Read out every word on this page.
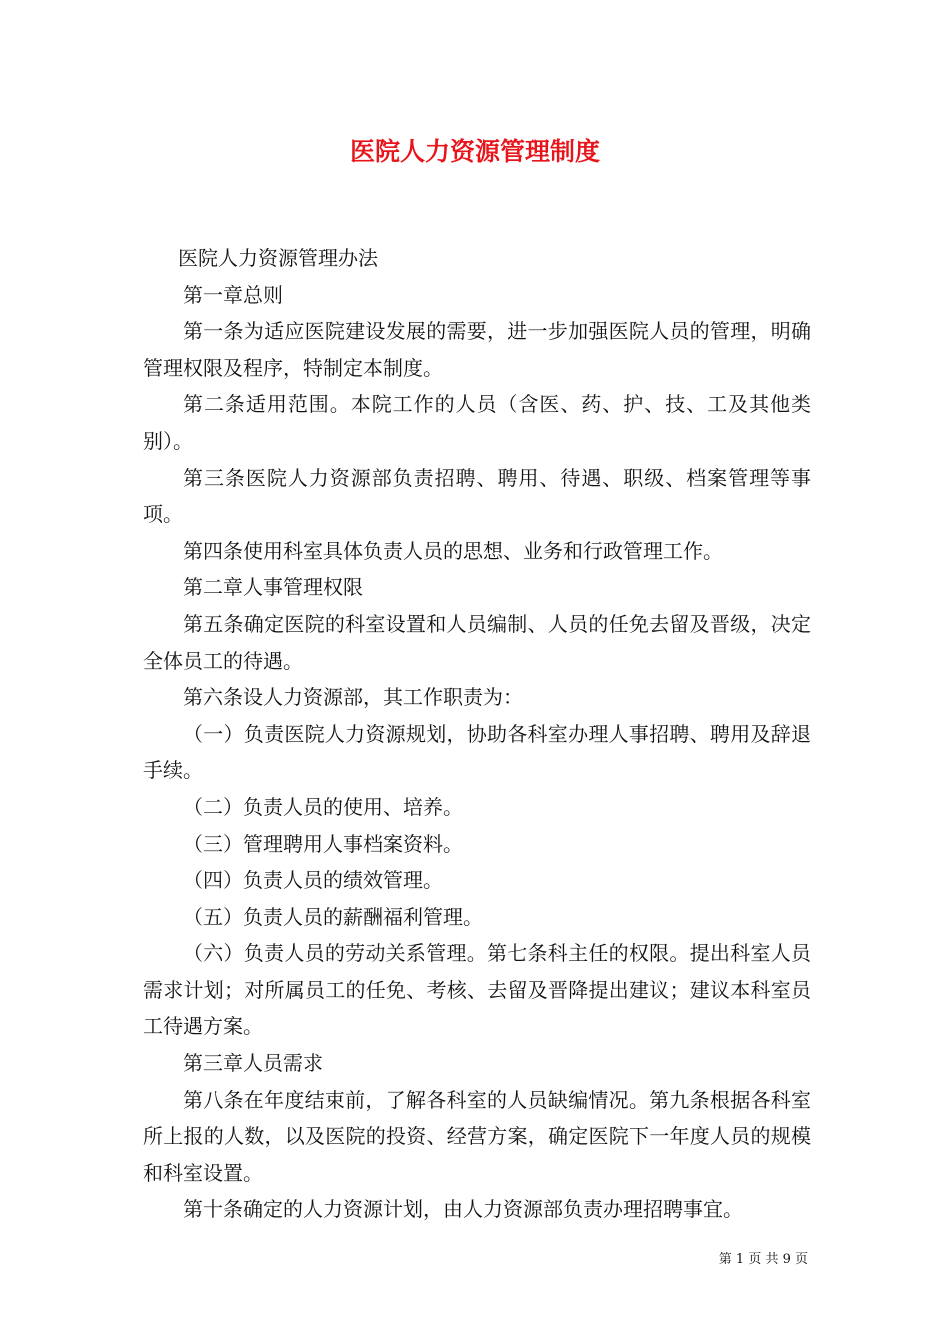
医院人力资源管理制度

医院人力资源管理办法

第一章总则

第一条为适应医院建设发展的需要，进一步加强医院人员的管理，明确管理权限及程序，特制定本制度。

第二条适用范围。本院工作的人员（含医、药、护、技、工及其他类别）。

第三条医院人力资源部负责招聘、聘用、待遇、职级、档案管理等事项。

第四条使用科室具体负责人员的思想、业务和行政管理工作。

第二章人事管理权限

第五条确定医院的科室设置和人员编制、人员的任免去留及晋级，决定全体员工的待遇。

第六条设人力资源部，其工作职责为：

（一）负责医院人力资源规划，协助各科室办理人事招聘、聘用及辞退手续。

（二）负责人员的使用、培养。

（三）管理聘用人事档案资料。

（四）负责人员的绩效管理。

（五）负责人员的薪酬福利管理。

（六）负责人员的劳动关系管理。第七条科主任的权限。提出科室人员需求计划；对所属员工的任免、考核、去留及晋降提出建议；建议本科室员工待遇方案。

第三章人员需求

第八条在年度结束前，了解各科室的人员缺编情况。第九条根据各科室所上报的人数，以及医院的投资、经营方案，确定医院下一年度人员的规模和科室设置。

第十条确定的人力资源计划，由人力资源部负责办理招聘事宜。

第 1 页 共 9 页
